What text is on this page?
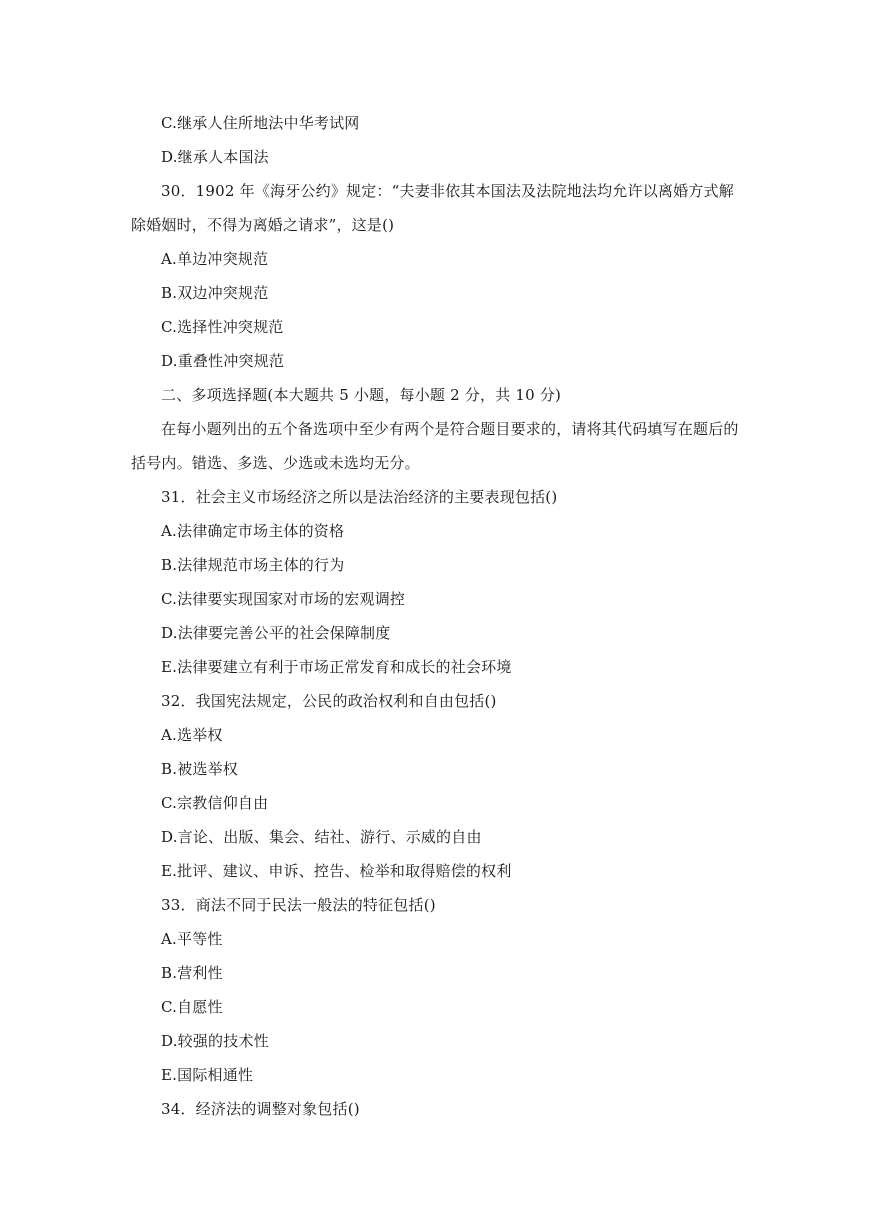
C.继承人住所地法中华考试网
D.继承人本国法
30．1902 年《海牙公约》规定：“夫妻非依其本国法及法院地法均允许以离婚方式解
除婚姻时，不得为离婚之请求”，这是()
A.单边冲突规范
B.双边冲突规范
C.选择性冲突规范
D.重叠性冲突规范
二、多项选择题(本大题共 5 小题，每小题 2 分，共 10 分)
在每小题列出的五个备选项中至少有两个是符合题目要求的，请将其代码填写在题后的
括号内。错选、多选、少选或未选均无分。
31．社会主义市场经济之所以是法治经济的主要表现包括()
A.法律确定市场主体的资格
B.法律规范市场主体的行为
C.法律要实现国家对市场的宏观调控
D.法律要完善公平的社会保障制度
E.法律要建立有利于市场正常发育和成长的社会环境
32．我国宪法规定，公民的政治权利和自由包括()
A.选举权
B.被选举权
C.宗教信仰自由
D.言论、出版、集会、结社、游行、示威的自由
E.批评、建议、申诉、控告、检举和取得赔偿的权利
33．商法不同于民法一般法的特征包括()
A.平等性
B.营利性
C.自愿性
D.较强的技术性
E.国际相通性
34．经济法的调整对象包括()
